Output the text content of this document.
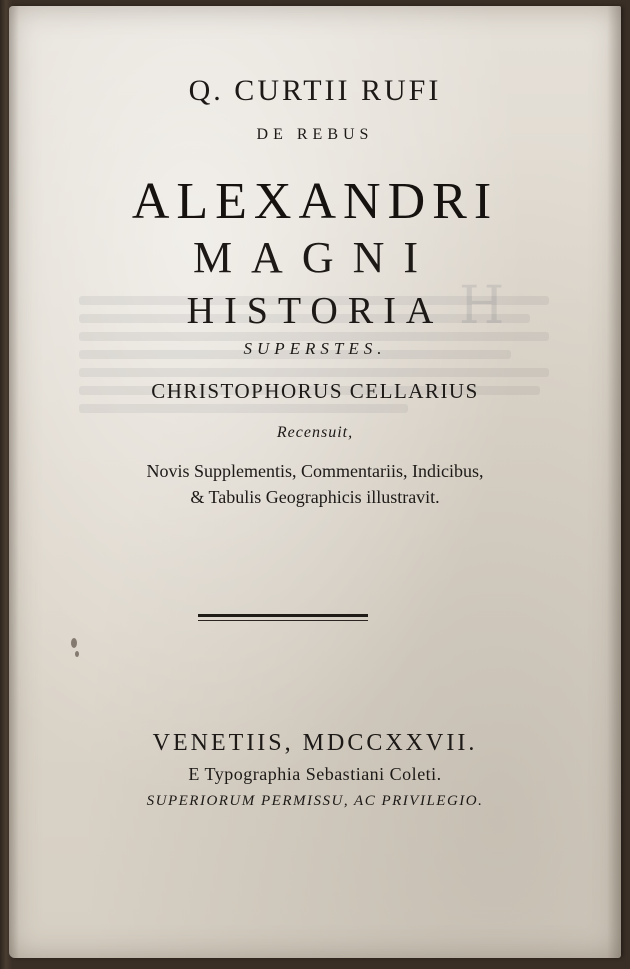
H
Q. CURTII RUFI
DE REBUS
ALEXANDRI
MAGNI
HISTORIA
SUPERSTES.
CHRISTOPHORUS CELLARIUS
Recensuit,
Novis Supplementis, Commentariis, Indicibus,
& Tabulis Geographicis illustravit.
VENETIIS, MDCCXXVII.
E Typographia Sebastiani Coleti.
SUPERIORUM PERMISSU, AC PRIVILEGIO.
